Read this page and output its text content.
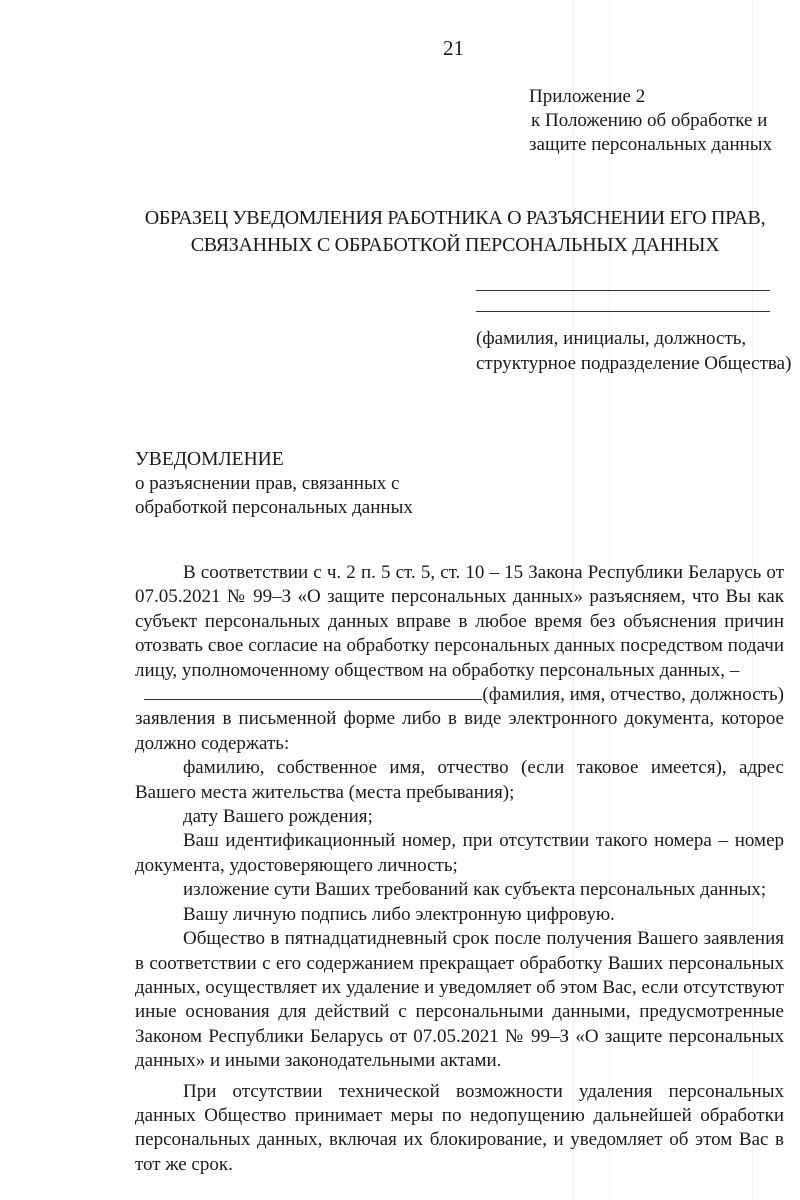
21
Приложение 2
к Положению об обработке и
защите персональных данных
ОБРАЗЕЦ УВЕДОМЛЕНИЯ РАБОТНИКА О РАЗЪЯСНЕНИИ ЕГО ПРАВ,
СВЯЗАННЫХ С ОБРАБОТКОЙ ПЕРСОНАЛЬНЫХ ДАННЫХ
(фамилия, инициалы, должность,
структурное подразделение Общества)
УВЕДОМЛЕНИЕ
о разъяснении прав, связанных с
обработкой персональных данных

В соответствии с ч. 2 п. 5 ст. 5, ст. 10 – 15 Закона Республики Беларусь от 07.05.2021 № 99–З «О защите персональных данных» разъясняем, что Вы как субъект персональных данных вправе в любое время без объяснения причин отозвать свое согласие на обработку персональных данных посредством подачи лицу, уполномоченному обществом на обработку персональных данных, –

(фамилия, имя, отчество, должность)

заявления в письменной форме либо в виде электронного документа, которое должно содержать:

фамилию, собственное имя, отчество (если таковое имеется), адрес Вашего места жительства (места пребывания);

дату Вашего рождения;

Ваш идентификационный номер, при отсутствии такого номера – номер документа, удостоверяющего личность;

изложение сути Ваших требований как субъекта персональных данных;

Вашу личную подпись либо электронную цифровую.

Общество в пятнадцатидневный срок после получения Вашего заявления в соответствии с его содержанием прекращает обработку Ваших персональных данных, осуществляет их удаление и уведомляет об этом Вас, если отсутствуют иные основания для действий с персональными данными, предусмотренные Законом Республики Беларусь от 07.05.2021 № 99–З «О защите персональных данных» и иными законодательными актами.

При отсутствии технической возможности удаления персональных данных Общество принимает меры по недопущению дальнейшей обработки персональных данных, включая их блокирование, и уведомляет об этом Вас в тот же срок.
